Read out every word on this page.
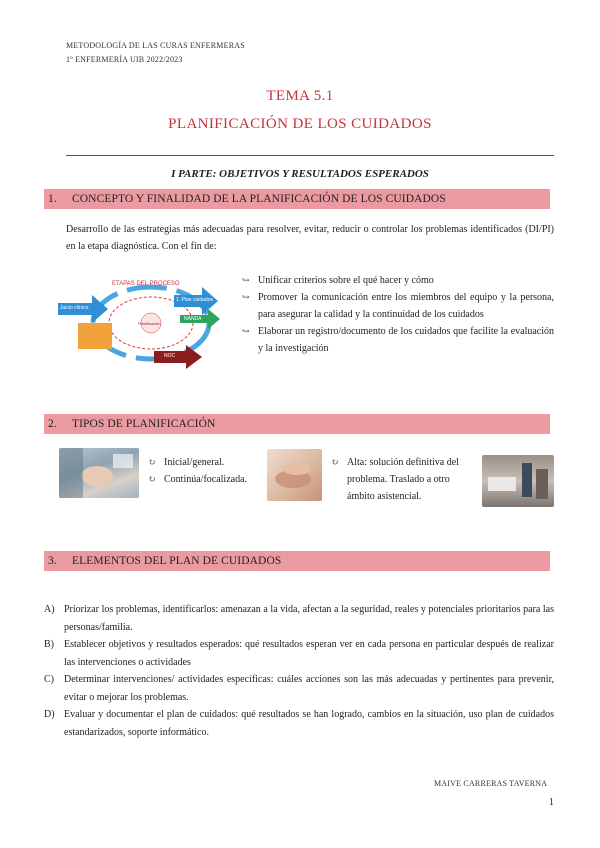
METODOLOGÍA DE LAS CURAS ENFERMERAS
1º ENFERMERÍA UIB 2022/2023
TEMA 5.1
PLANIFICACIÓN DE LOS CUIDADOS
I PARTE: OBJETIVOS Y RESULTADOS ESPERADOS
1.	CONCEPTO Y FINALIDAD DE LA PLANIFICACIÓN DE LOS CUIDADOS
Desarrollo de las estrategias más adecuadas para resolver, evitar, reducir o controlar los problemas identificados (DI/PI) en la etapa diagnóstica. Con el fin de:
ETAPAS DEL PROCESO
Juicio clínico
1. Plan cuidados
NANDA
NOC
Planificación
↪ Unificar criterios sobre el qué hacer y cómo
↪ Promover la comunicación entre los miembros del equipo y la persona, para asegurar la calidad y la continuidad de los cuidados
↪ Elaborar un registro/documento de los cuidados que facilite la evaluación y la investigación
2.	TIPOS DE PLANIFICACIÓN
↻ Inicial/general.
↻ Continúa/focalizada.
↻ Alta: solución definitiva del problema. Traslado a otro ámbito asistencial.
3.	ELEMENTOS DEL PLAN DE CUIDADOS
A) Priorizar los problemas, identificarlos: amenazan a la vida, afectan a la seguridad, reales y potenciales prioritarios para las personas/familia.
B)	Establecer objetivos y resultados esperados: qué resultados esperan ver en cada persona en particular después de realizar las intervenciones o actividades
C)	Determinar intervenciones/ actividades específicas: cuáles acciones son las más adecuadas y pertinentes para prevenir, evitar o mejorar los problemas.
D) Evaluar y documentar el plan de cuidados: qué resultados se han logrado, cambios en la situación, uso plan de cuidados estandarizados, soporte informático.
MAIVE CARRERAS TAVERNA
1
